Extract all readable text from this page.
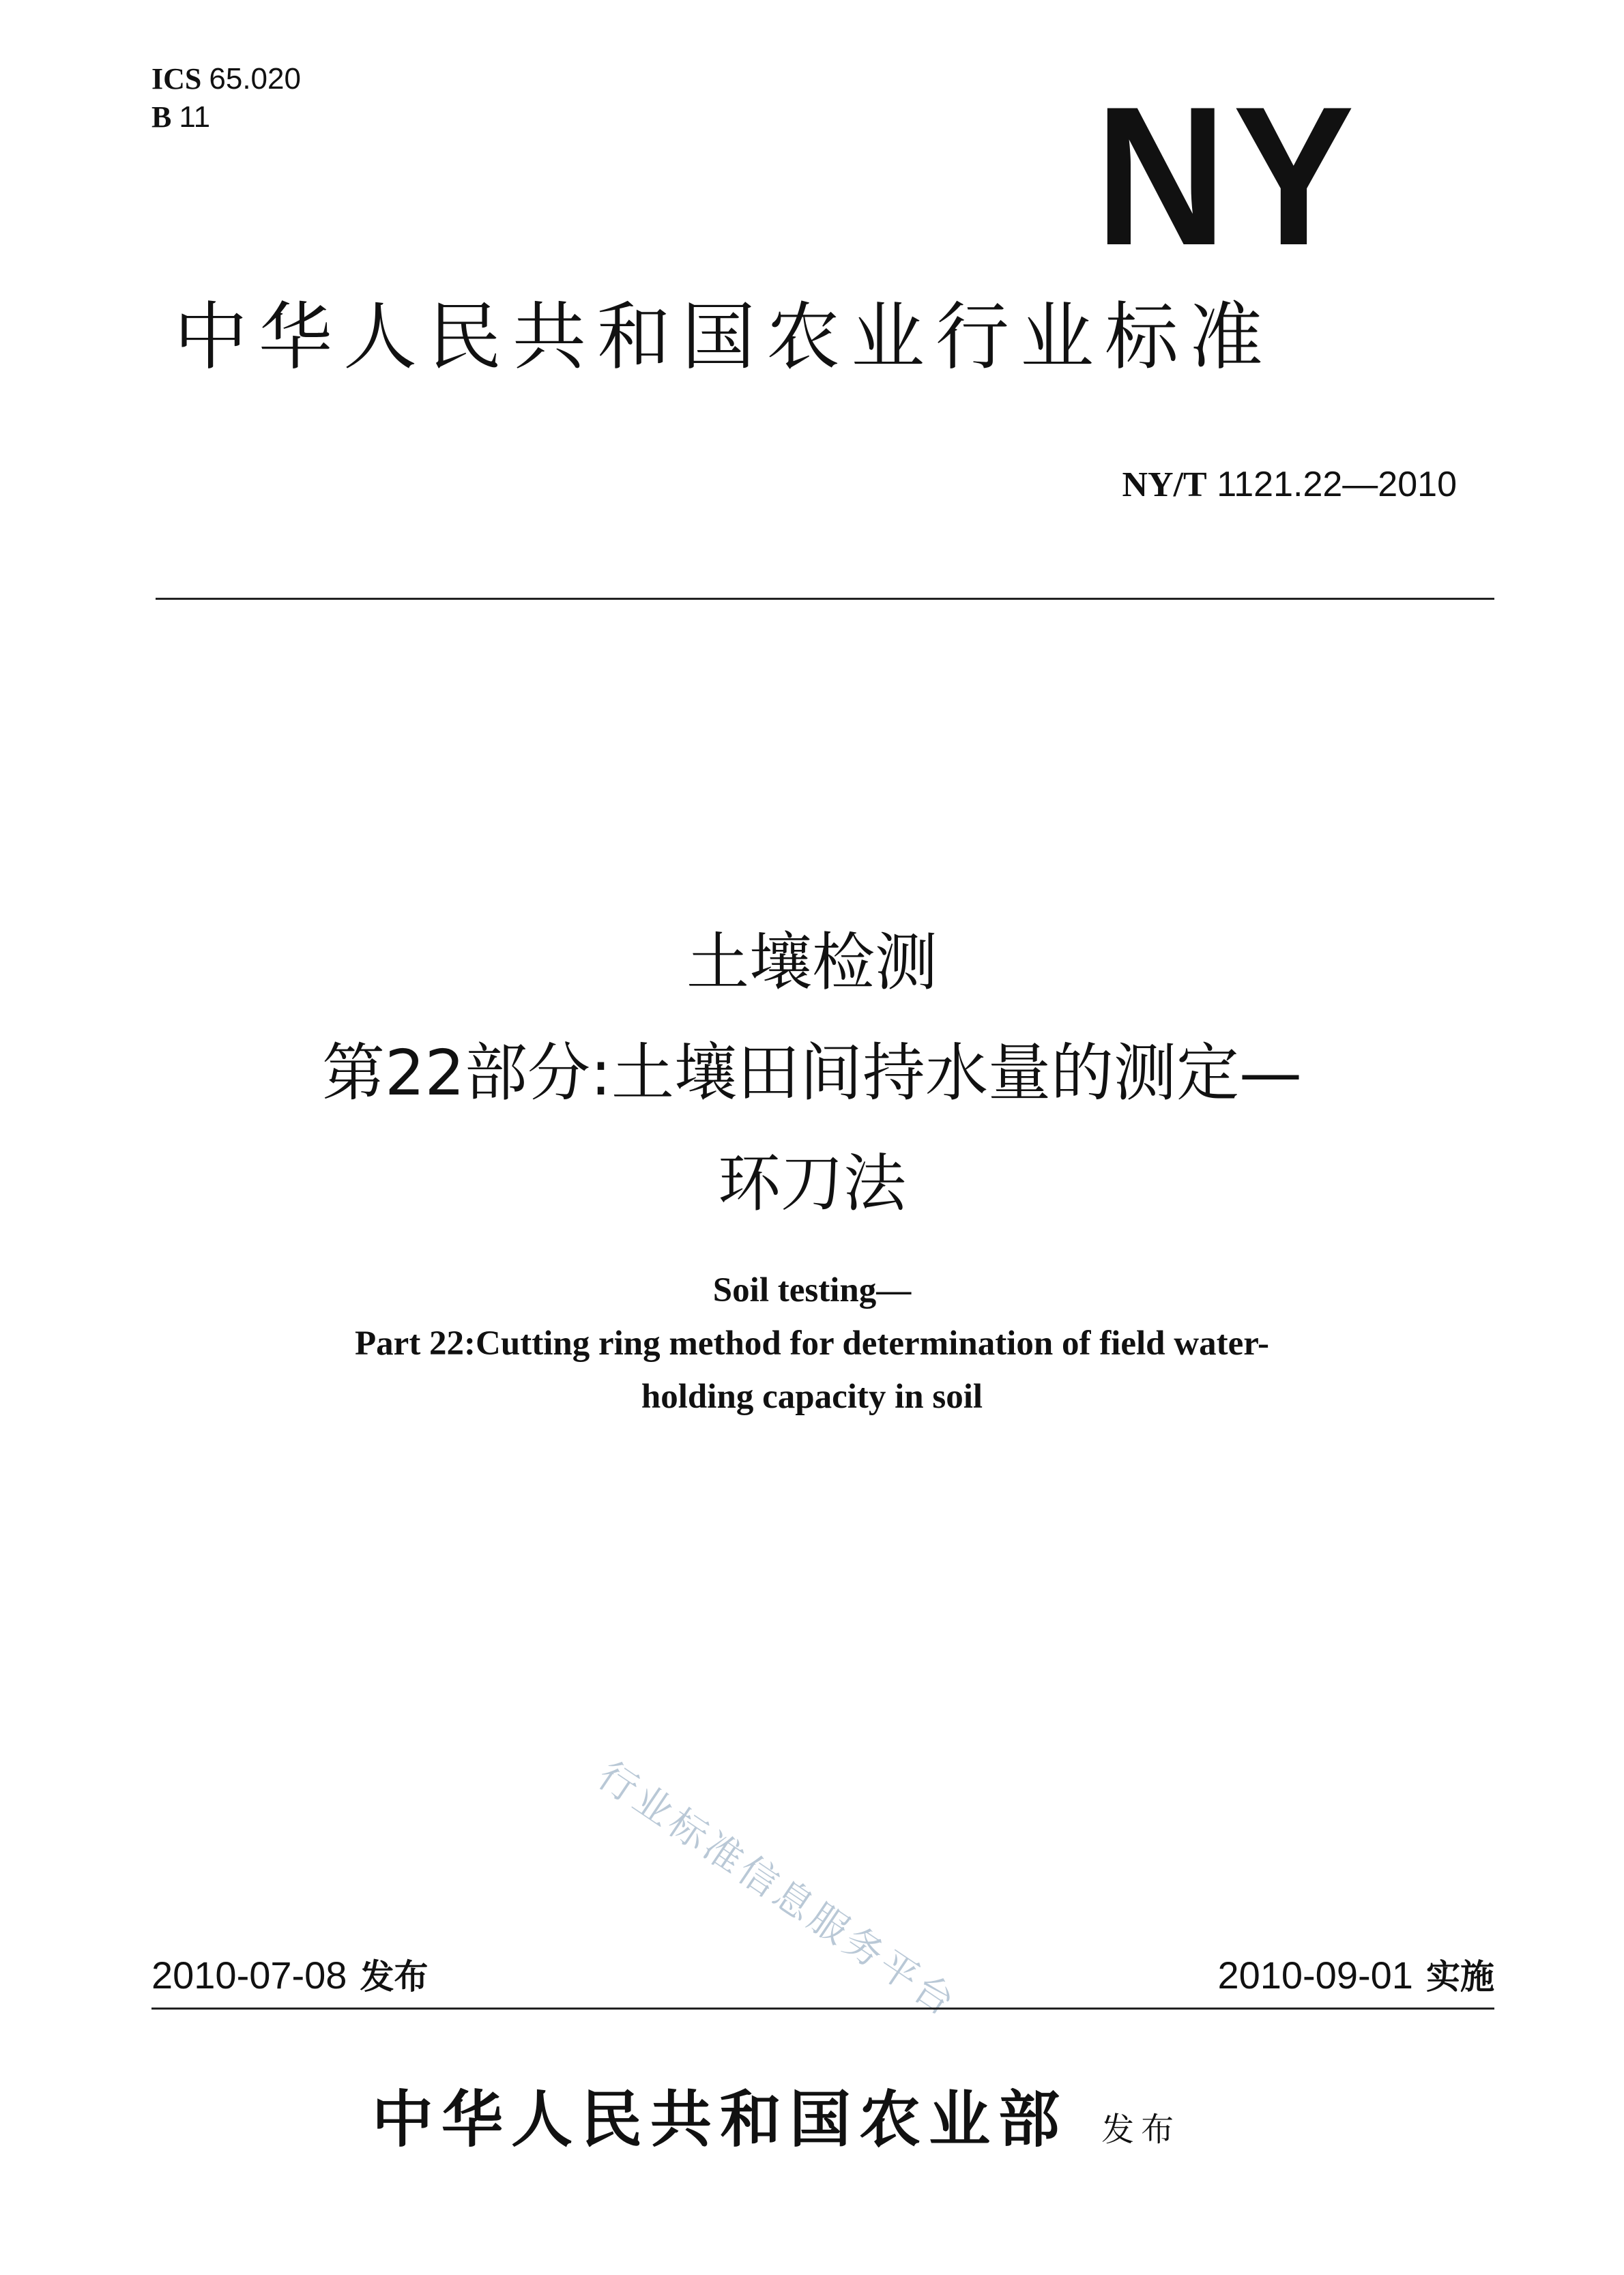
ICS 65.020
B 11	NY
中华人民共和国农业行业标准
NY/T 1121.22—2010
土壤检测
第22部分:土壤田间持水量的测定—
环刀法
Soil testing—
Part 22:Cutting ring method for determination of field water-
holding capacity in soil
行业标准信息服务平台
2010-07-08 发布	2010-09-01 实施
中华人民共和国农业部 发布
